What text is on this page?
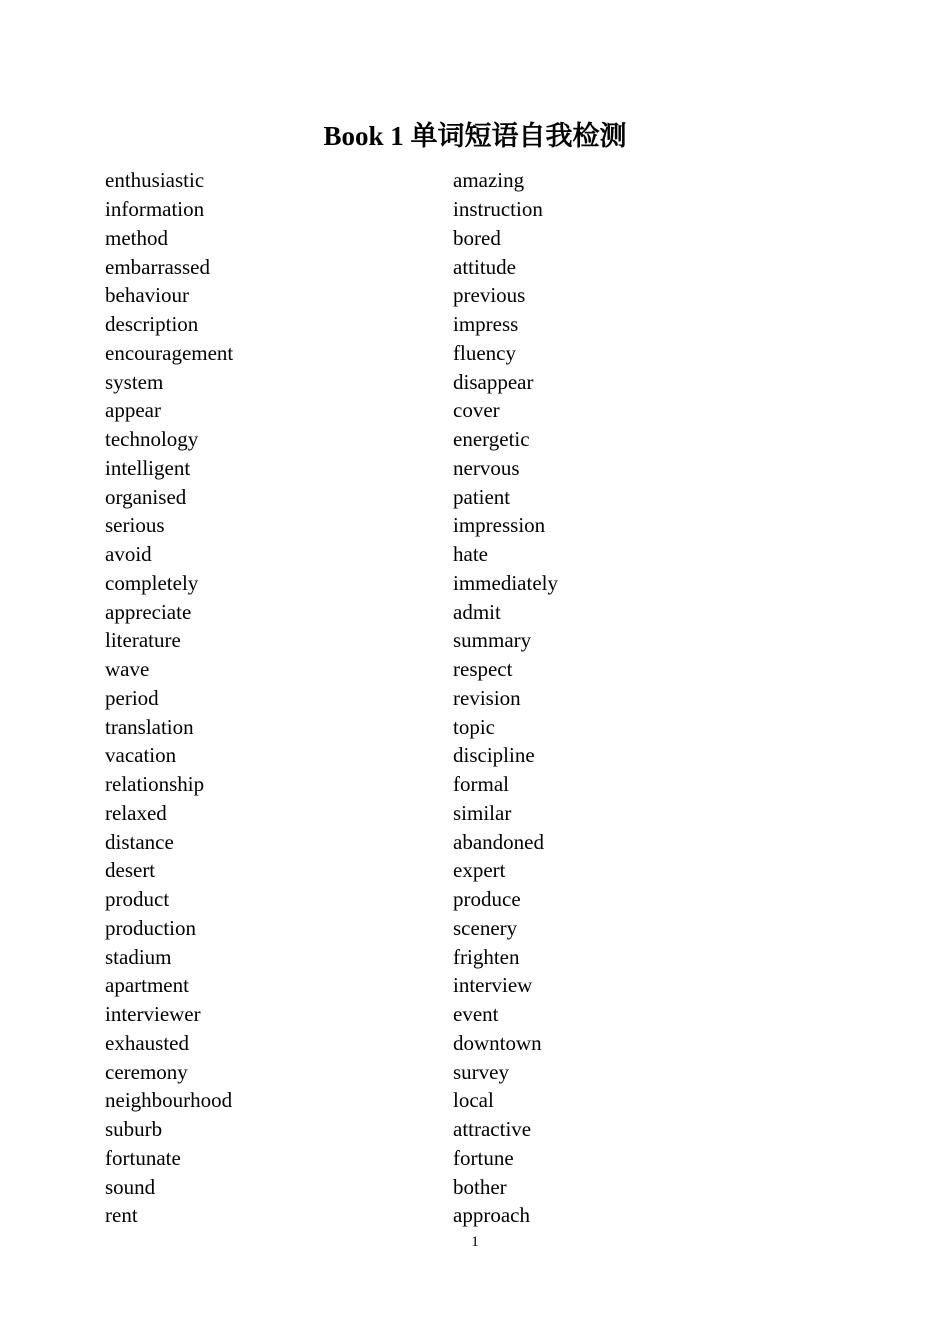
Book 1 单词短语自我检测
enthusiastic	amazing
information	instruction
method	bored
embarrassed	attitude
behaviour	previous
description	impress
encouragement	fluency
system	disappear
appear	cover
technology	energetic
intelligent	nervous
organised	patient
serious	impression
avoid	hate
completely	immediately
appreciate	admit
literature	summary
wave	respect
period	revision
translation	topic
vacation	discipline
relationship	formal
relaxed	similar
distance	abandoned
desert	expert
product	produce
production	scenery
stadium	frighten
apartment	interview
interviewer	event
exhausted	downtown
ceremony	survey
neighbourhood	local
suburb	attractive
fortunate	fortune
sound	bother
rent	approach
1
